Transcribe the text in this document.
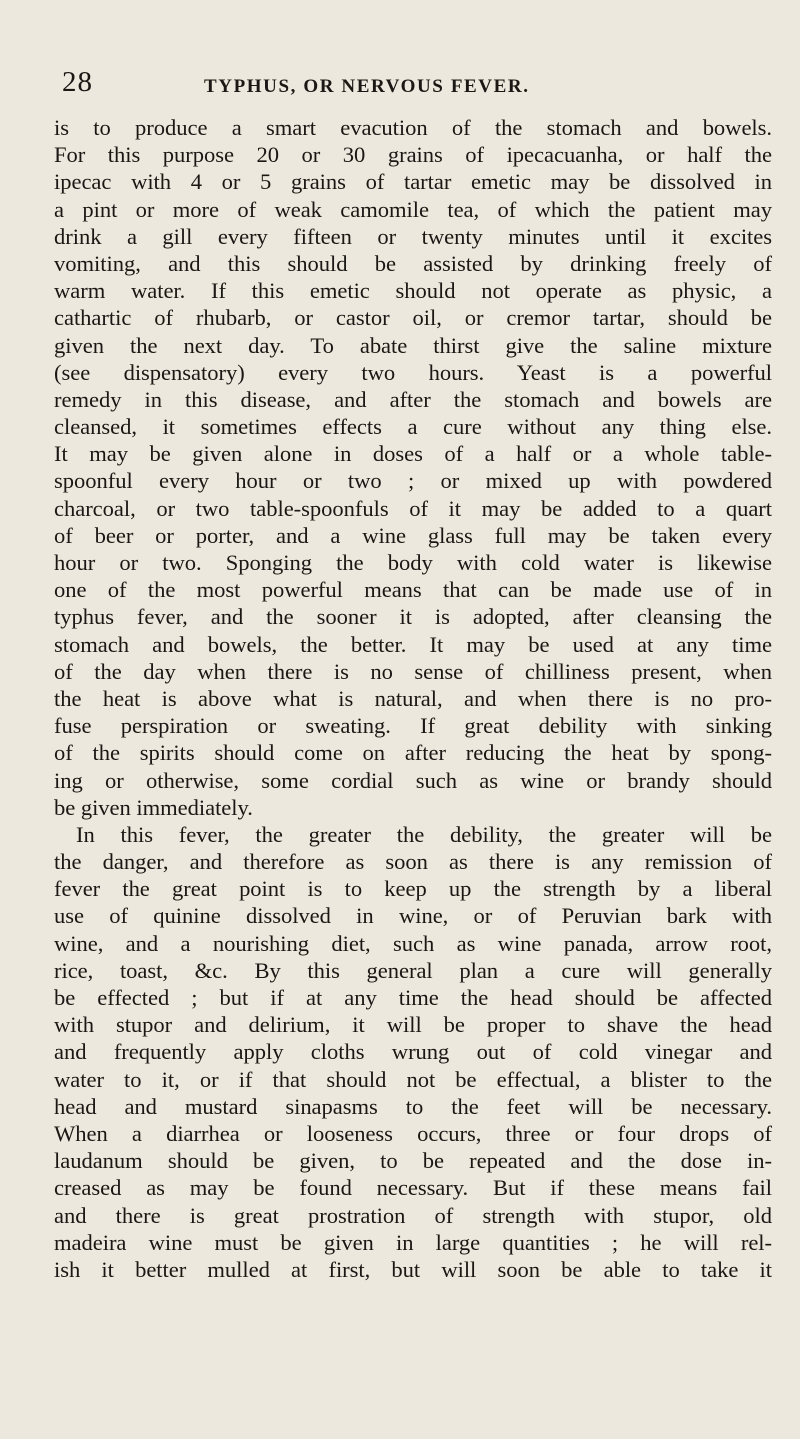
28	TYPHUS, OR NERVOUS FEVER.
is to produce a smart evacution of the stomach and bowels.
For this purpose 20 or 30 grains of ipecacuanha, or half the
ipecac with 4 or 5 grains of tartar emetic may be dissolved in
a pint or more of weak camomile tea, of which the patient may
drink a gill every fifteen or twenty minutes until it excites
vomiting, and this should be assisted by drinking freely of
warm water. If this emetic should not operate as physic, a
cathartic of rhubarb, or castor oil, or cremor tartar, should be
given the next day. To abate thirst give the saline mixture
(see dispensatory) every two hours. Yeast is a powerful
remedy in this disease, and after the stomach and bowels are
cleansed, it sometimes effects a cure without any thing else.
It may be given alone in doses of a half or a whole table-
spoonful every hour or two ; or mixed up with powdered
charcoal, or two table-spoonfuls of it may be added to a quart
of beer or porter, and a wine glass full may be taken every
hour or two. Sponging the body with cold water is likewise
one of the most powerful means that can be made use of in
typhus fever, and the sooner it is adopted, after cleansing the
stomach and bowels, the better. It may be used at any time
of the day when there is no sense of chilliness present, when
the heat is above what is natural, and when there is no pro-
fuse perspiration or sweating. If great debility with sinking
of the spirits should come on after reducing the heat by spong-
ing or otherwise, some cordial such as wine or brandy should
be given immediately.
In this fever, the greater the debility, the greater will be
the danger, and therefore as soon as there is any remission of
fever the great point is to keep up the strength by a liberal
use of quinine dissolved in wine, or of Peruvian bark with
wine, and a nourishing diet, such as wine panada, arrow root,
rice, toast, &c. By this general plan a cure will generally
be effected ; but if at any time the head should be affected
with stupor and delirium, it will be proper to shave the head
and frequently apply cloths wrung out of cold vinegar and
water to it, or if that should not be effectual, a blister to the
head and mustard sinapasms to the feet will be necessary.
When a diarrhea or looseness occurs, three or four drops of
laudanum should be given, to be repeated and the dose in-
creased as may be found necessary. But if these means fail
and there is great prostration of strength with stupor, old
madeira wine must be given in large quantities ; he will rel-
ish it better mulled at first, but will soon be able to take it
